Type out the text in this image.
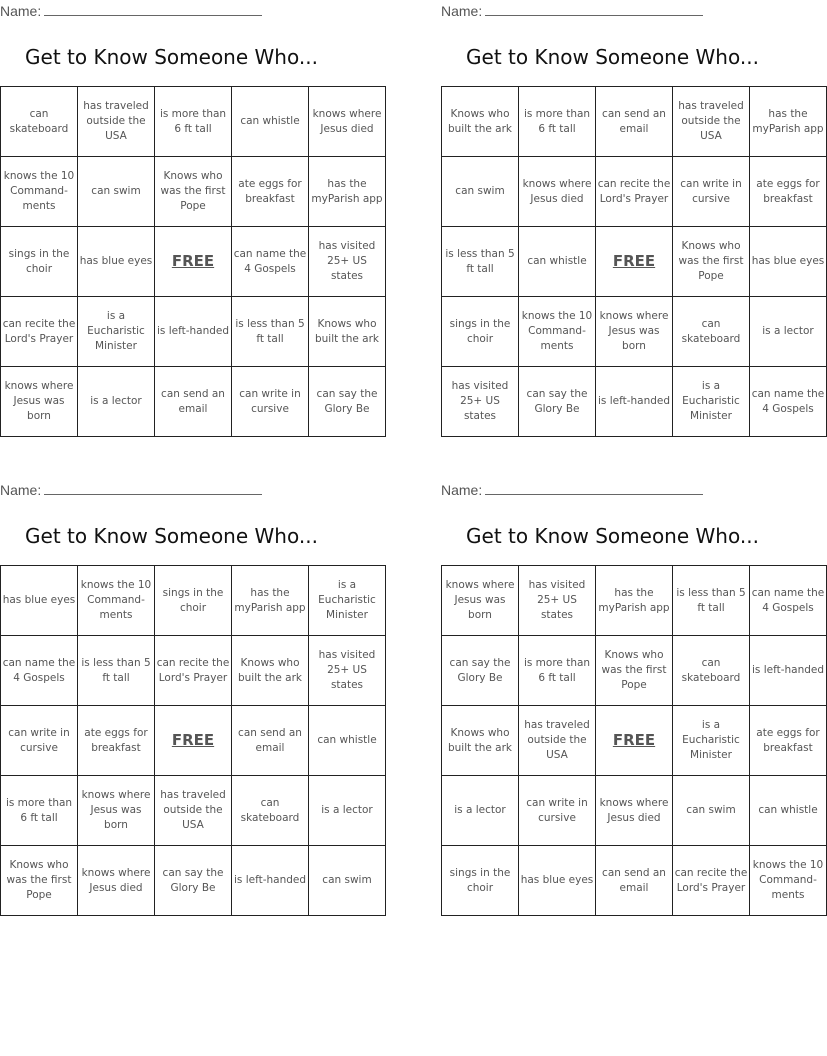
Name:
Get to Know Someone Who...
can skateboard	has traveled outside the USA	is more than 6 ft tall	can whistle	knows where Jesus died
knows the 10 Command-ments	can swim	Knows who was the first Pope	ate eggs for breakfast	has the myParish app
sings in the choir	has blue eyes	FREE	can name the 4 Gospels	has visited 25+ US states
can recite the Lord's Prayer	is a Eucharistic Minister	is left-handed	is less than 5 ft tall	Knows who built the ark
knows where Jesus was born	is a lector	can send an email	can write in cursive	can say the Glory Be
Name:
Get to Know Someone Who...
Knows who built the ark	is more than 6 ft tall	can send an email	has traveled outside the USA	has the myParish app
can swim	knows where Jesus died	can recite the Lord's Prayer	can write in cursive	ate eggs for breakfast
is less than 5 ft tall	can whistle	FREE	Knows who was the first Pope	has blue eyes
sings in the choir	knows the 10 Command-ments	knows where Jesus was born	can skateboard	is a lector
has visited 25+ US states	can say the Glory Be	is left-handed	is a Eucharistic Minister	can name the 4 Gospels
Name:
Get to Know Someone Who...
has blue eyes	knows the 10 Command-ments	sings in the choir	has the myParish app	is a Eucharistic Minister
can name the 4 Gospels	is less than 5 ft tall	can recite the Lord's Prayer	Knows who built the ark	has visited 25+ US states
can write in cursive	ate eggs for breakfast	FREE	can send an email	can whistle
is more than 6 ft tall	knows where Jesus was born	has traveled outside the USA	can skateboard	is a lector
Knows who was the first Pope	knows where Jesus died	can say the Glory Be	is left-handed	can swim
Name:
Get to Know Someone Who...
knows where Jesus was born	has visited 25+ US states	has the myParish app	is less than 5 ft tall	can name the 4 Gospels
can say the Glory Be	is more than 6 ft tall	Knows who was the first Pope	can skateboard	is left-handed
Knows who built the ark	has traveled outside the USA	FREE	is a Eucharistic Minister	ate eggs for breakfast
is a lector	can write in cursive	knows where Jesus died	can swim	can whistle
sings in the choir	has blue eyes	can send an email	can recite the Lord's Prayer	knows the 10 Command-ments
